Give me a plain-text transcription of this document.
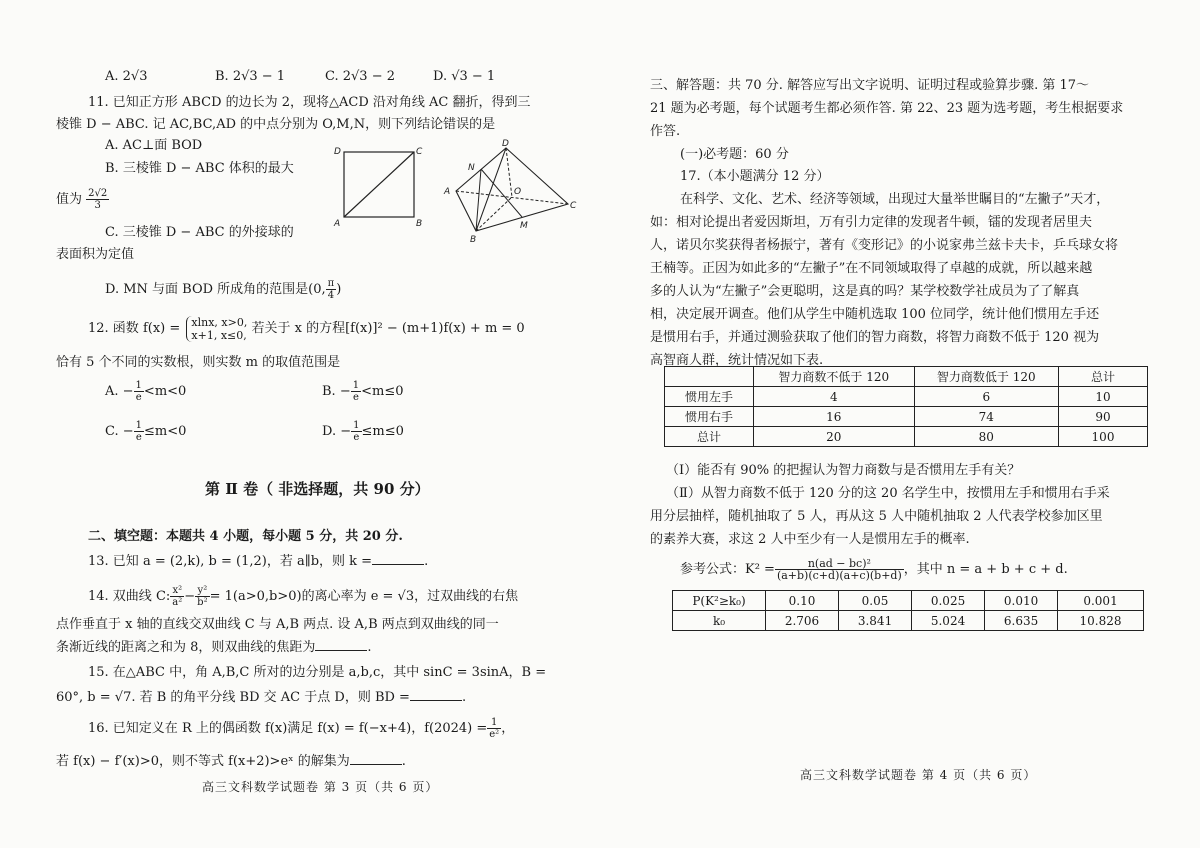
A. 2√3	B. 2√3 − 1	C. 2√3 − 2	D. √3 − 1
11. 已知正方形 ABCD 的边长为 2，现将△ACD 沿对角线 AC 翻折，得到三
棱锥 D − ABC. 记 AC,BC,AD 的中点分别为 O,M,N，则下列结论错误的是
A. AC⊥面 BOD
B. 三棱锥 D − ABC 体积的最大
值为 $\frac{2√2}{3}$
C. 三棱锥 D − ABC 的外接球的
表面积为定值
D. MN 与面 BOD 所成角的范围是(0, $\frac{\pi}{4}$ )
D	C
A	B
D
N
A	O
C
M
B
12. 函数 f(x) = xlnx, x>0,
x+1, x≤0, 若关于 x 的方程[f(x)]² − (m+1)f(x) + m = 0
恰有 5 个不同的实数根，则实数 m 的取值范围是
A. − $\frac{1}{e} <m<0$	B. − $\frac{1}{e} <m\le 0$
C. − $\frac{1}{e} \le m<0$	D. − $\frac{1}{e} \le m\le 0$
第 Ⅱ 卷（ 非选择题，共 90 分）
二、填空题：本题共 4 小题，每小题 5 分，共 20 分.
13. 已知 a = (2,k), b = (1,2)，若 a∥b，则 k =	.
14. 双曲线 C: $\frac{\text{x²}}{\text{a²}} - \frac{\text{y²}}{\text{b²}} = 1(a>0,b>0)$的离心率为 e = √3，过双曲线的右焦
点作垂直于 x 轴的直线交双曲线 C 与 A,B 两点. 设 A,B 两点到双曲线的同一
条渐近线的距离之和为 8，则双曲线的焦距为	.
15. 在△ABC 中，角 A,B,C 所对的边分别是 a,b,c，其中 sinC = 3sinA，B =
60°, b = √7. 若 B 的角平分线 BD 交 AC 于点 D，则 BD =	.
16. 已知定义在 R 上的偶函数 f(x)满足 f(x) = f(−x+4)，$f(2024) = \frac{1}{\text{e²}}$ ，
若 f(x) − f′(x)>0，则不等式 f(x+2)>eˣ 的解集为	.
高三文科数学试题卷 第 3 页（共 6 页）
三、解答题：共 70 分. 解答应写出文字说明、证明过程或验算步骤. 第 17～
21 题为必考题，每个试题考生都必须作答. 第 22、23 题为选考题，考生根据要求
作答.
(一)必考题：60 分
17.（本小题满分 12 分）
在科学、文化、艺术、经济等领域，出现过大量举世瞩目的“左撇子”天才，
如：相对论提出者爱因斯坦，万有引力定律的发现者牛顿，镭的发现者居里夫
人，诺贝尔奖获得者杨振宁，著有《变形记》的小说家弗兰兹卡夫卡，乒乓球女将
王楠等。正因为如此多的“左撇子”在不同领域取得了卓越的成就，所以越来越
多的人认为“左撇子”会更聪明，这是真的吗？某学校数学社成员为了了解真
相，决定展开调查。他们从学生中随机选取 100 位同学，统计他们惯用左手还
是惯用右手，并通过测验获取了他们的智力商数，将智力商数不低于 120 视为
高智商人群，统计情况如下表.
	智力商数不低于 120	智力商数低于 120	总计
惯用左手	4	6	10
惯用右手	16	74	90
总计	20	80	100
（Ⅰ）能否有 90% 的把握认为智力商数与是否惯用左手有关？
（Ⅱ）从智力商数不低于 120 分的这 20 名学生中，按惯用左手和惯用右手采
用分层抽样，随机抽取了 5 人，再从这 5 人中随机抽取 2 人代表学校参加区里
的素养大赛，求这 2 人中至少有一人是惯用左手的概率.
参考公式：$K^2 = \frac{\text{n(ad − bc)²}}{(a+b)(c+d)(a+c)(b+d)}$ ，其中 n = a + b + c + d.
P(K²≥k₀)	0.10	0.05	0.025	0.010	0.001
k₀	2.706	3.841	5.024	6.635	10.828
高三文科数学试题卷 第 4 页（共 6 页）
